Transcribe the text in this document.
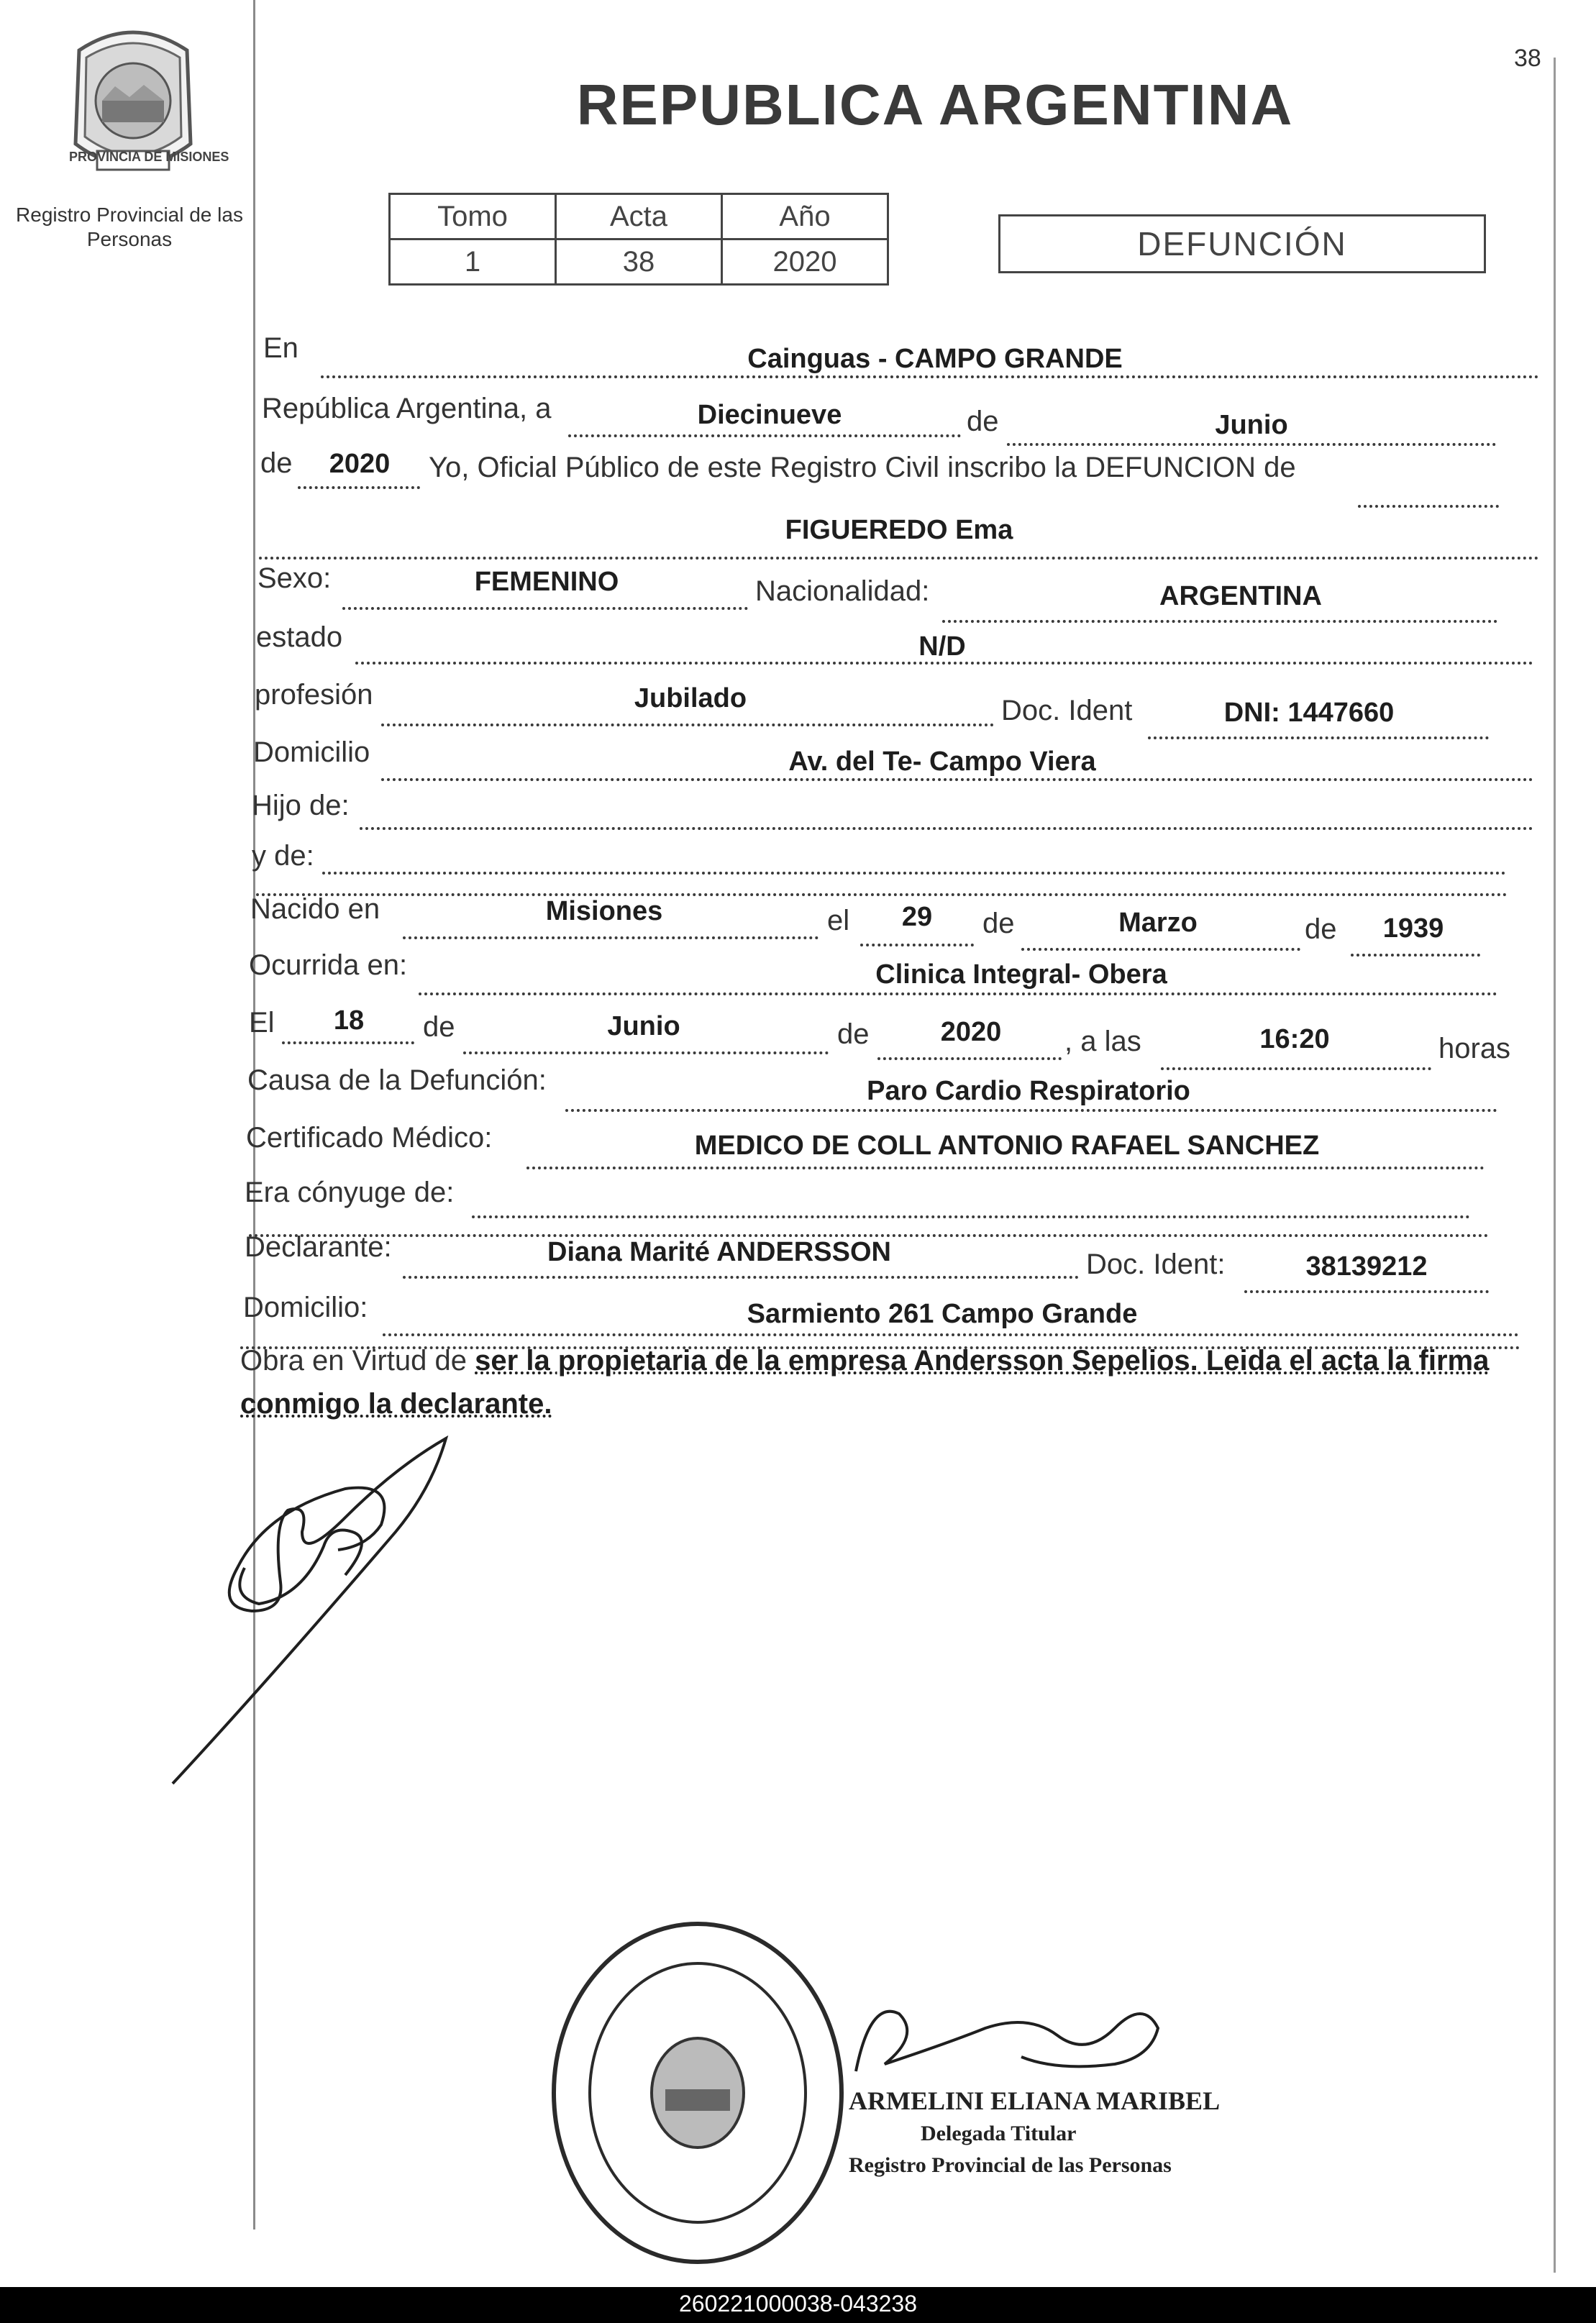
PROVINCIA DE MISIONES
Registro Provincial de las Personas
38
REPUBLICA ARGENTINA
Tomo	Acta	Año
1	38	2020	DEFUNCIÓN
En	Cainguas - CAMPO GRANDE
República Argentina, a	Diecinueve	de	Junio
de	2020	Yo, Oficial Público de este Registro Civil inscribo la DEFUNCION de
FIGUEREDO Ema
Sexo:	FEMENINO	Nacionalidad:	ARGENTINA
estado	N/D
profesión	Jubilado	Doc. Ident	DNI: 1447660
Domicilio	Av. del Te- Campo Viera
Hijo de:
y de:
Nacido en	Misiones	el	29	de	Marzo	de	1939
Ocurrida en:	Clinica Integral- Obera
El	18	de	Junio	de	2020	, a las	16:20	horas
Causa de la Defunción:	Paro Cardio Respiratorio
Certificado Médico:	MEDICO DE COLL ANTONIO RAFAEL SANCHEZ
Era cónyuge de:
Declarante:	Diana Marité ANDERSSON	Doc. Ident:	38139212
Domicilio:	Sarmiento 261 Campo Grande
Obra en Virtud de ser la propietaria de la empresa Andersson Sepelios. Leida el acta la firma conmigo la declarante.
ARMELINI ELIANA MARIBEL
Delegada Titular
Registro Provincial de las Personas
260221000038-043238
